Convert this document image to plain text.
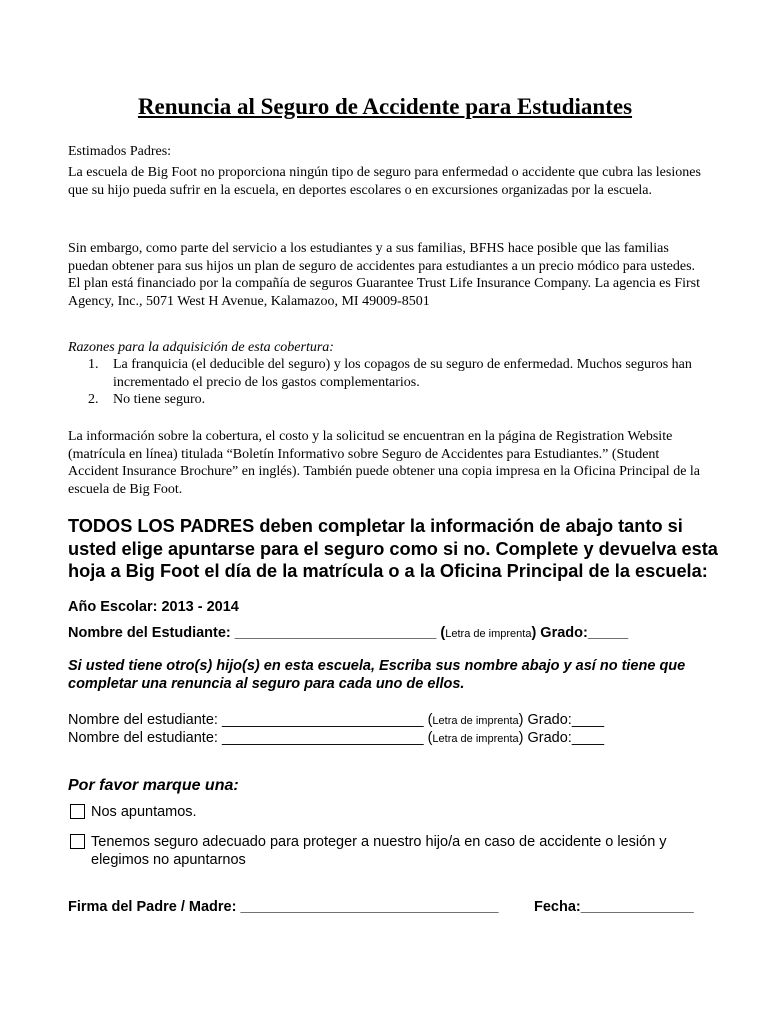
Renuncia al Seguro de Accidente para Estudiantes
Estimados Padres:
La escuela de Big Foot no proporciona ningún tipo de seguro para enfermedad o accidente que cubra las lesiones que su hijo pueda sufrir en la escuela, en deportes escolares o en excursiones organizadas por la escuela.
Sin embargo, como parte del servicio a los estudiantes y a sus familias, BFHS hace posible que las familias puedan obtener para sus hijos un plan de seguro de accidentes para estudiantes a un precio módico para ustedes. El plan está financiado por la compañía de seguros Guarantee Trust Life Insurance Company. La agencia es First Agency, Inc., 5071 West H Avenue, Kalamazoo, MI 49009-8501
Razones para la adquisición de esta cobertura:
1. La franquicia (el deducible del seguro) y los copagos de su seguro de enfermedad. Muchos seguros han incrementado el precio de los gastos complementarios.
2. No tiene seguro.
La información sobre la cobertura, el costo y la solicitud se encuentran en la página de Registration Website (matrícula en línea) titulada “Boletín Informativo sobre Seguro de Accidentes para Estudiantes.” (Student Accident Insurance Brochure” en inglés). También puede obtener una copia impresa en la Oficina Principal de la escuela de Big Foot.
TODOS LOS PADRES deben completar la información de abajo tanto si usted elige apuntarse para el seguro como si no. Complete y devuelva esta hoja a Big Foot el día de la matrícula o a la Oficina Principal de la escuela:
Año Escolar: 2013 - 2014
Nombre del Estudiante: _________________________ (Letra de imprenta) Grado:_____
Si usted tiene otro(s) hijo(s) en esta escuela, Escriba sus nombre abajo y así no tiene que completar una renuncia al seguro para cada uno de ellos.
Nombre del estudiante: _________________________ (Letra de imprenta) Grado:____
Nombre del estudiante: _________________________ (Letra de imprenta) Grado:____
Por favor marque una:
Nos apuntamos.
Tenemos seguro adecuado para proteger a nuestro hijo/a en caso de accidente o lesión y elegimos no apuntarnos
Firma del Padre / Madre: ________________________________ Fecha:______________
